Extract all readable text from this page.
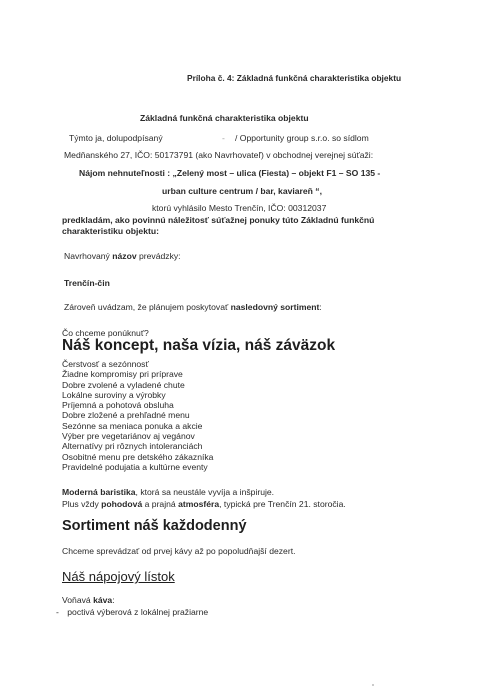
Príloha č. 4: Základná funkčná charakteristika objektu
Základná funkčná charakteristika objektu
Týmto ja, dolupodpísaný	- / Opportunity group s.r.o. so sídlom
Medňanského 27, IČO: 50173791 (ako Navrhovateľ) v obchodnej verejnej súťaži:
Nájom nehnuteľnosti : „Zelený most – ulica (Fiesta) – objekt F1 – SO 135 -
urban culture centrum / bar, kaviareň “,
ktorú vyhlásilo Mesto Trenčín, IČO: 00312037
predkladám, ako povinnú náležitosť súťažnej ponuky túto Základnú funkčnú
charakteristiku objektu:
Navrhovaný názov prevádzky:
Trenčín-čin
Zároveň uvádzam, že plánujem poskytovať nasledovný sortiment:
Čo chceme ponúknuť?
Náš koncept, naša vízia, náš záväzok
Čerstvosť a sezónnosť
Žiadne kompromisy pri príprave
Dobre zvolené a vyladené chute
Lokálne suroviny a výrobky
Príjemná a pohotová obsluha
Dobre zložené a prehľadné menu
Sezónne sa meniaca ponuka a akcie
Výber pre vegetariánov aj vegánov
Alternatívy pri rôznych intoleranciách
Osobitné menu pre detského zákazníka
Pravidelné podujatia a kultúrne eventy
Moderná baristika, ktorá sa neustále vyvíja a inšpiruje.
Plus vždy pohodová a prajná atmosféra, typická pre Trenčín 21. storočia.
Sortiment náš každodenný
Chceme sprevádzať od prvej kávy až po popoludňajší dezert.
Náš nápojový lístok
Voňavá káva:
- poctivá výberová z lokálnej pražiarne
